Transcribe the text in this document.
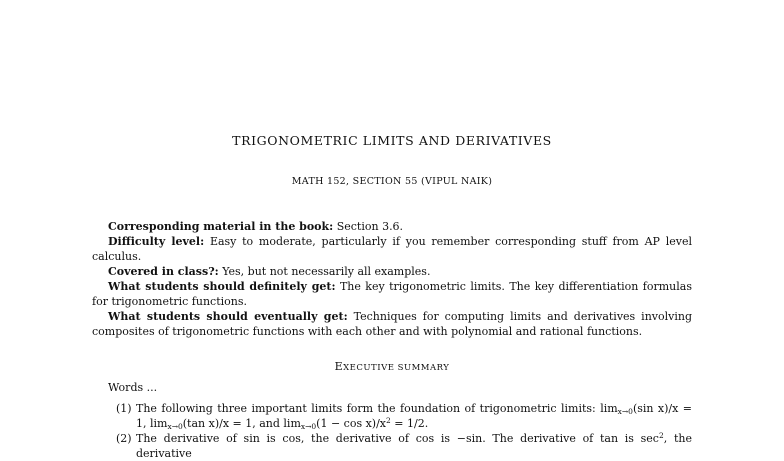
TRIGONOMETRIC LIMITS AND DERIVATIVES
MATH 152, SECTION 55 (VIPUL NAIK)

Corresponding material in the book: Section 3.6.

Difficulty level: Easy to moderate, particularly if you remember corresponding stuff from AP level calculus.

Covered in class?: Yes, but not necessarily all examples.

What students should definitely get: The key trigonometric limits. The key differentiation formulas for trigonometric functions.

What students should eventually get: Techniques for computing limits and derivatives involving composites of trigonometric functions with each other and with polynomial and rational functions.

EXECUTIVE SUMMARY
Words ...
(1) The following three important limits form the foundation of trigonometric limits: $\lim_{x\to 0}(\sin$ x)/x = 1, $\lim_{x\to 0}(\tan$ x)/x = 1, and $\lim_{x\to 0}(1 - \cos x)/x^2 = 1/2$.
(2) The derivative of sin is cos, the derivative of cos is −sin. The derivative of tan is $\sec^2$, the derivative
